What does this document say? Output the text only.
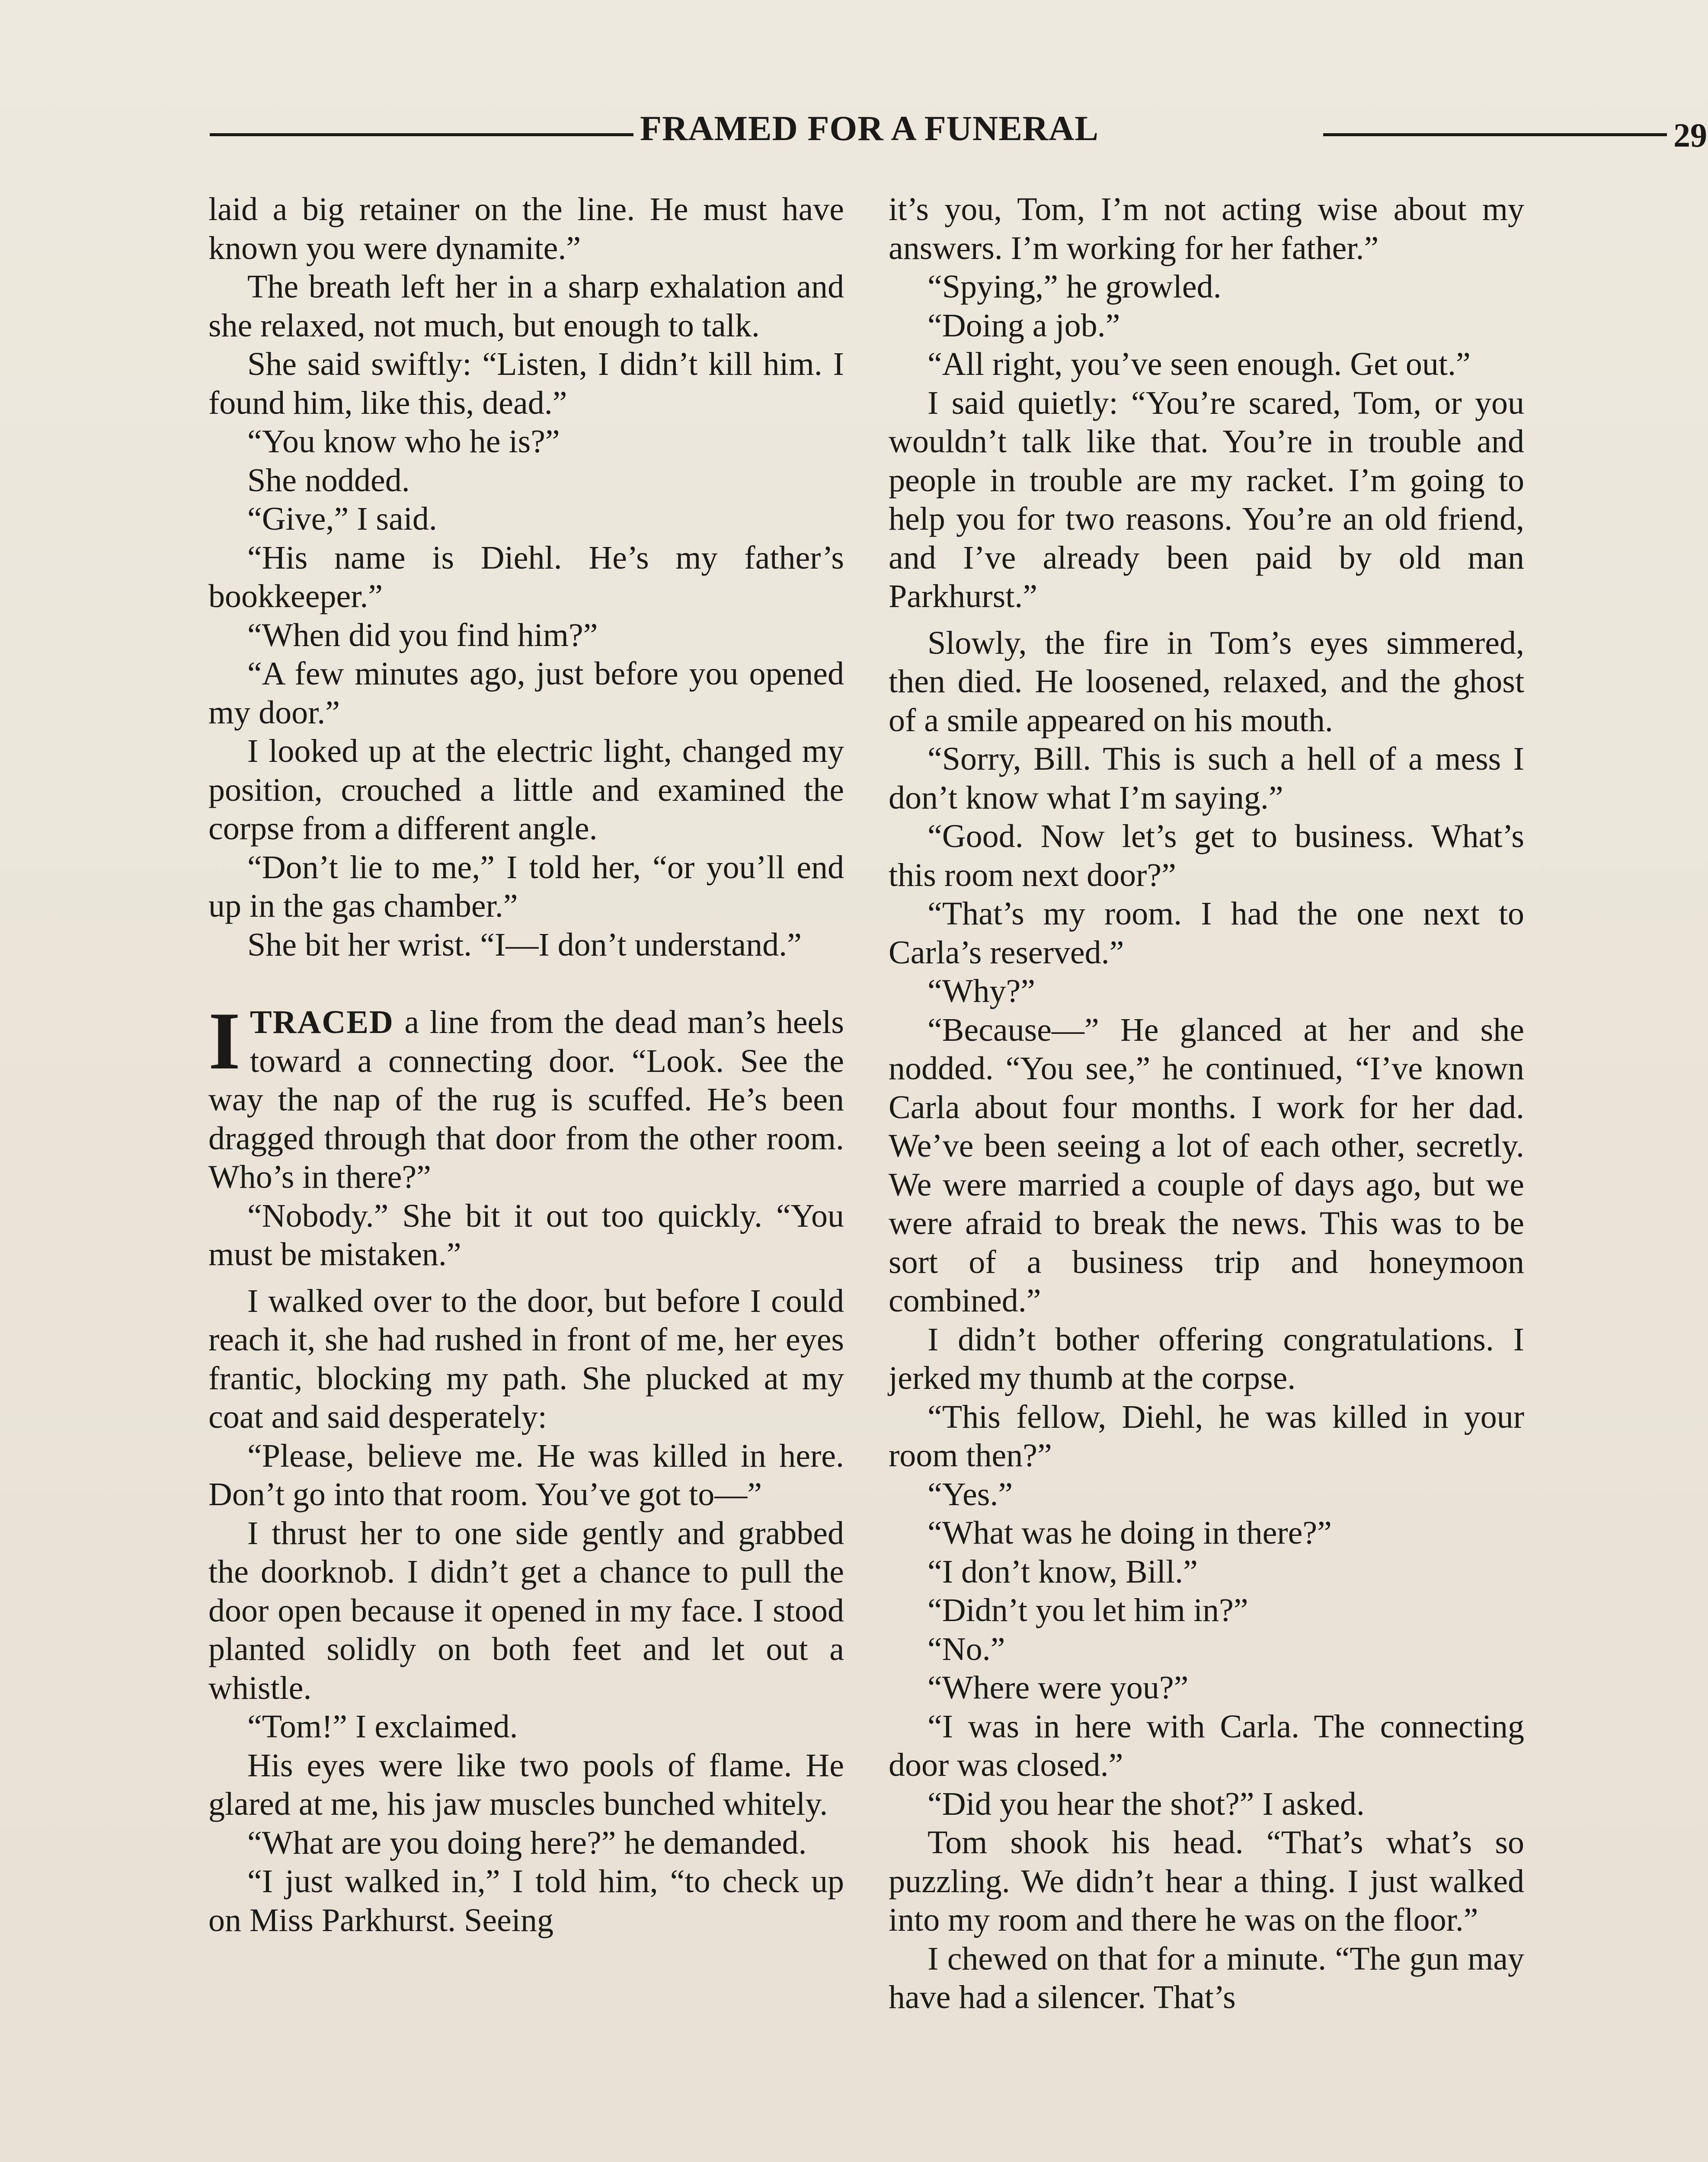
FRAMED FOR A FUNERAL	29

laid a big retainer on the line. He must have known you were dynamite.”

The breath left her in a sharp exhalation and she relaxed, not much, but enough to talk.

She said swiftly: “Listen, I didn’t kill him. I found him, like this, dead.”

“You know who he is?”

She nodded.

“Give,” I said.

“His name is Diehl. He’s my father’s bookkeeper.”

“When did you find him?”

“A few minutes ago, just before you opened my door.”

I looked up at the electric light, changed my position, crouched a little and examined the corpse from a different angle.

“Don’t lie to me,” I told her, “or you’ll end up in the gas chamber.”

She bit her wrist. “I—I don’t understand.”

ITRACED a line from the dead man’s heels toward a connecting door. “Look. See the way the nap of the rug is scuffed. He’s been dragged through that door from the other room. Who’s in there?”

“Nobody.” She bit it out too quickly. “You must be mistaken.”

I walked over to the door, but before I could reach it, she had rushed in front of me, her eyes frantic, blocking my path. She plucked at my coat and said desperately:

“Please, believe me. He was killed in here. Don’t go into that room. You’ve got to—”

I thrust her to one side gently and grabbed the doorknob. I didn’t get a chance to pull the door open because it opened in my face. I stood planted solidly on both feet and let out a whistle.

“Tom!” I exclaimed.

His eyes were like two pools of flame. He glared at me, his jaw muscles bunched whitely.

“What are you doing here?” he demanded.

“I just walked in,” I told him, “to check up on Miss Parkhurst. Seeing

it’s you, Tom, I’m not acting wise about my answers. I’m working for her father.”

“Spying,” he growled.

“Doing a job.”

“All right, you’ve seen enough. Get out.”

I said quietly: “You’re scared, Tom, or you wouldn’t talk like that. You’re in trouble and people in trouble are my racket. I’m going to help you for two reasons. You’re an old friend, and I’ve already been paid by old man Parkhurst.”

Slowly, the fire in Tom’s eyes simmered, then died. He loosened, relaxed, and the ghost of a smile appeared on his mouth.

“Sorry, Bill. This is such a hell of a mess I don’t know what I’m saying.”

“Good. Now let’s get to business. What’s this room next door?”

“That’s my room. I had the one next to Carla’s reserved.”

“Why?”

“Because—” He glanced at her and she nodded. “You see,” he continued, “I’ve known Carla about four months. I work for her dad. We’ve been seeing a lot of each other, secretly. We were married a couple of days ago, but we were afraid to break the news. This was to be sort of a business trip and honeymoon combined.”

I didn’t bother offering congratulations. I jerked my thumb at the corpse.

“This fellow, Diehl, he was killed in your room then?”

“Yes.”

“What was he doing in there?”

“I don’t know, Bill.”

“Didn’t you let him in?”

“No.”

“Where were you?”

“I was in here with Carla. The connecting door was closed.”

“Did you hear the shot?” I asked.

Tom shook his head. “That’s what’s so puzzling. We didn’t hear a thing. I just walked into my room and there he was on the floor.”

I chewed on that for a minute. “The gun may have had a silencer. That’s
